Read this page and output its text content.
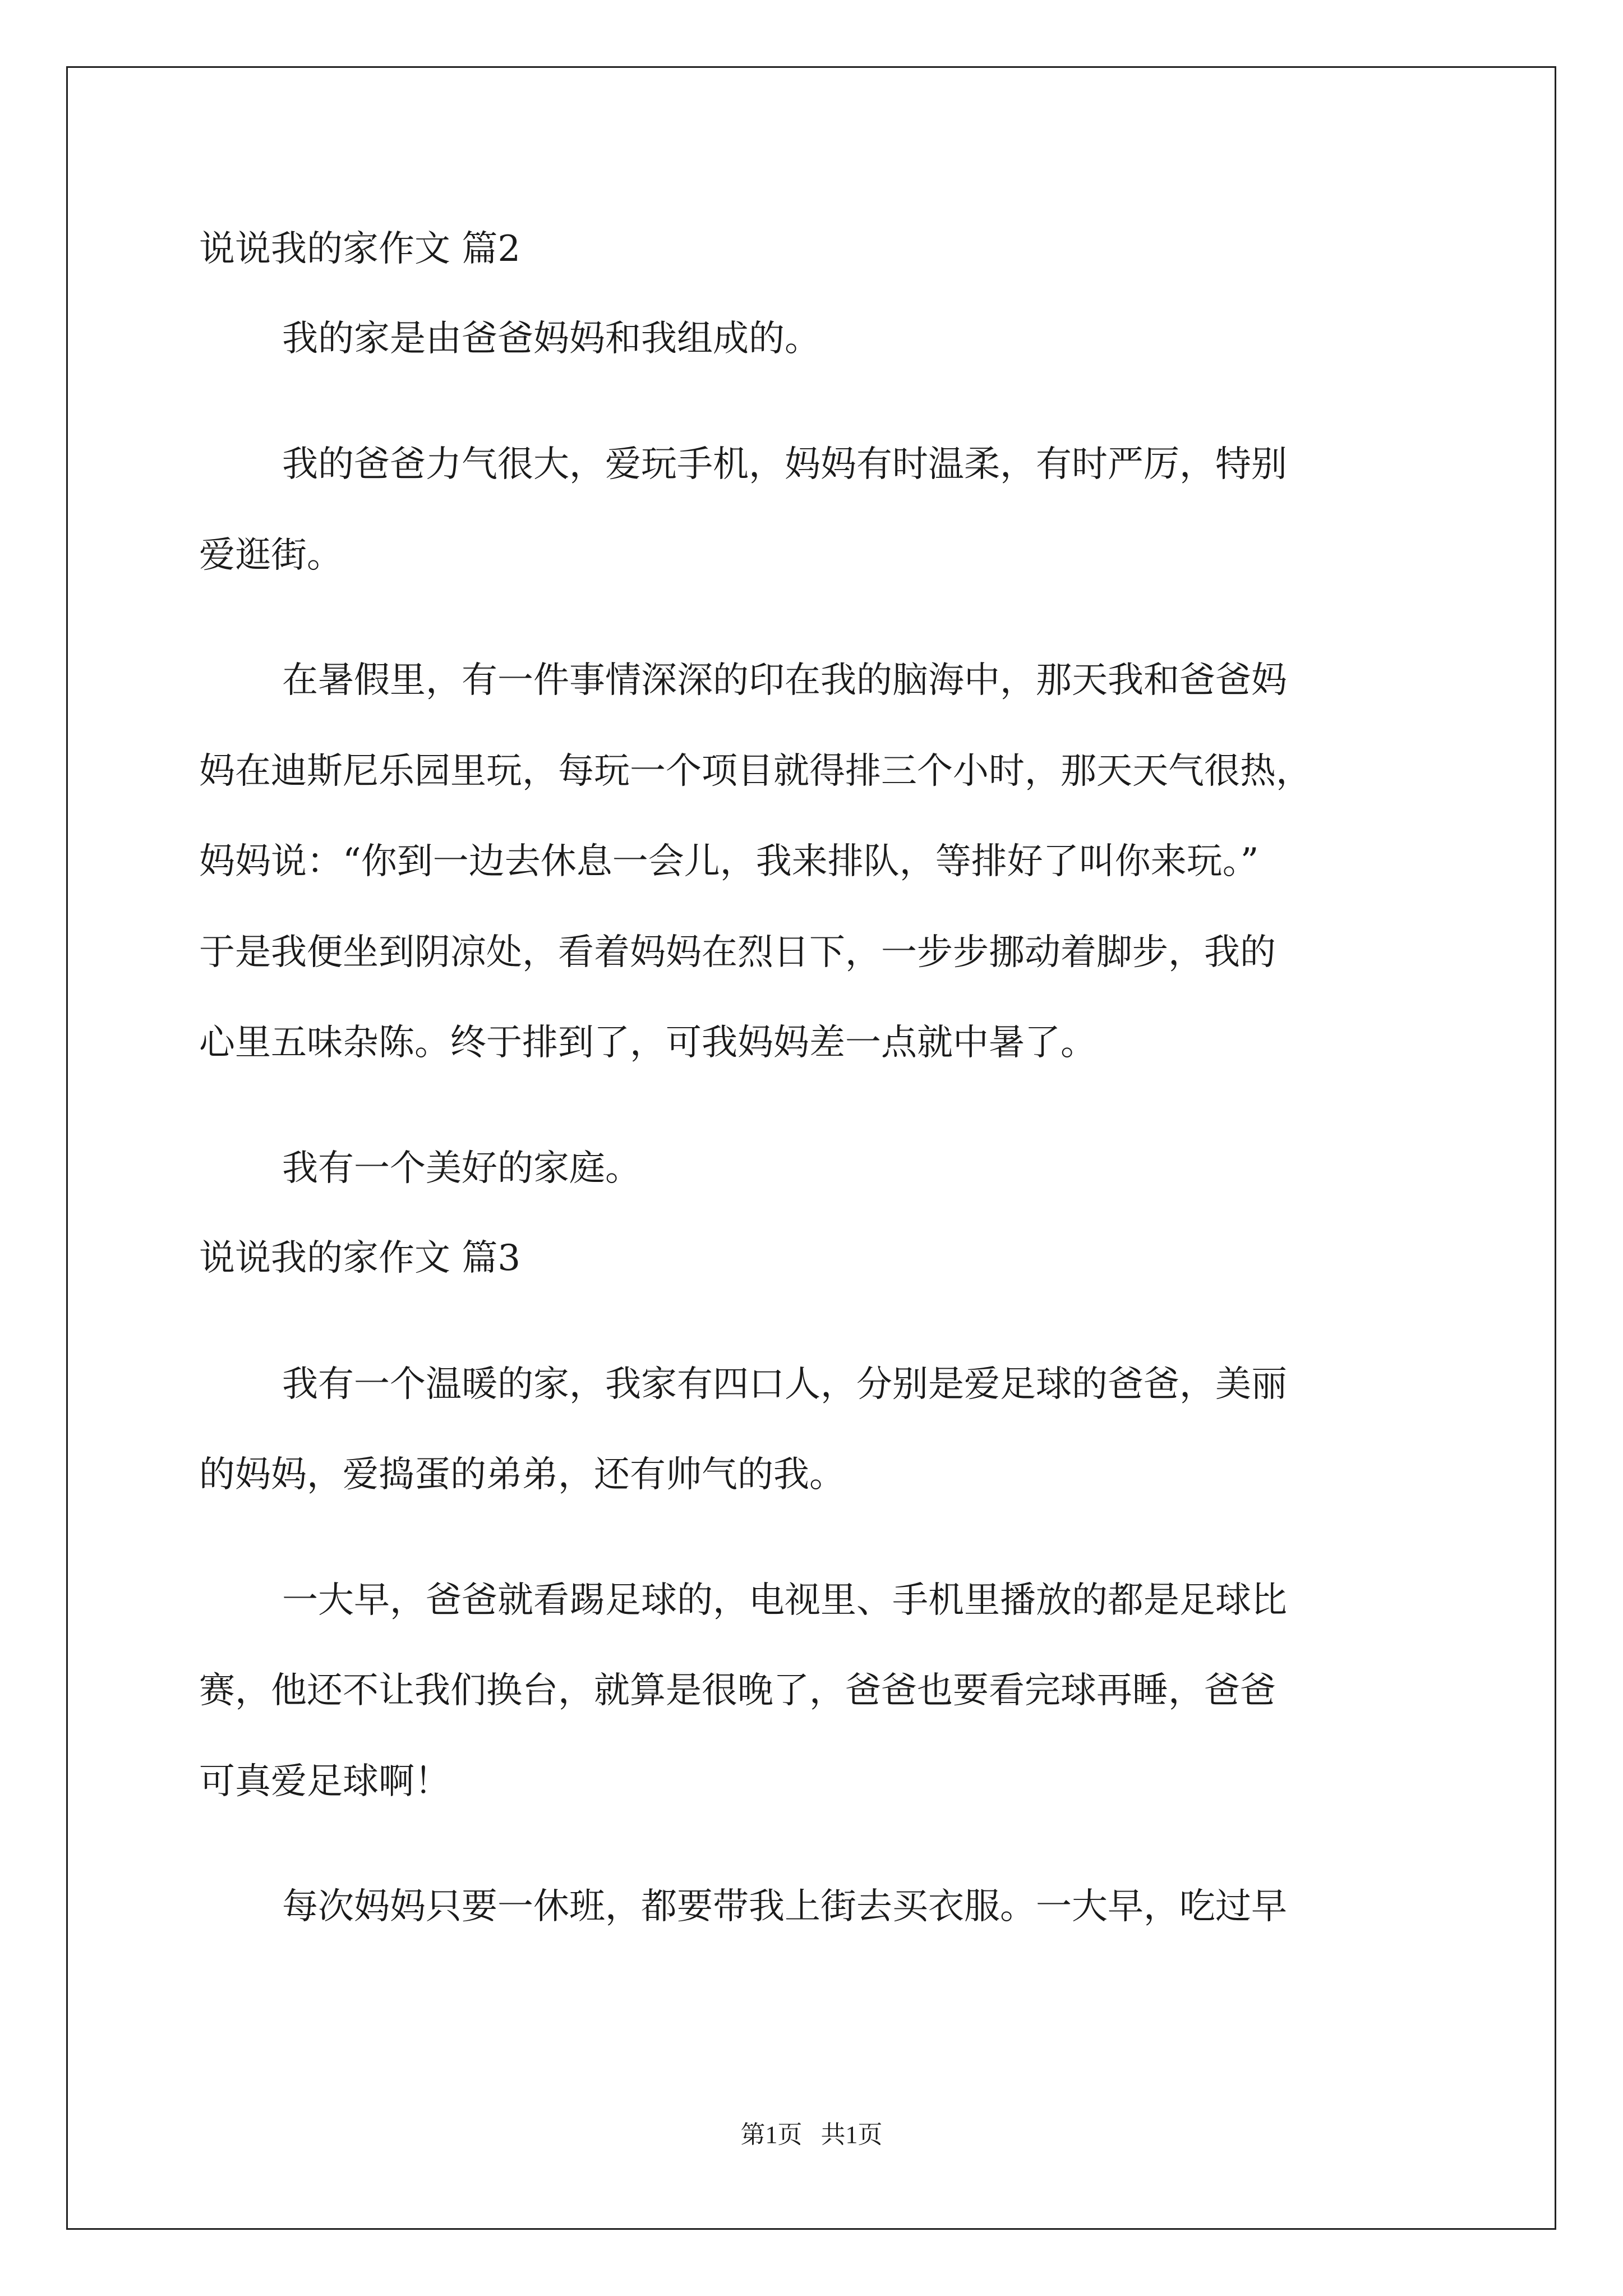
说说我的家作文 篇2

我的家是由爸爸妈妈和我组成的。

我的爸爸力气很大，爱玩手机，妈妈有时温柔，有时严厉，特别

爱逛街。

在暑假里，有一件事情深深的印在我的脑海中，那天我和爸爸妈

妈在迪斯尼乐园里玩，每玩一个项目就得排三个小时，那天天气很热，

妈妈说：“你到一边去休息一会儿，我来排队，等排好了叫你来玩。”

于是我便坐到阴凉处，看着妈妈在烈日下，一步步挪动着脚步，我的

心里五味杂陈。终于排到了，可我妈妈差一点就中暑了。

我有一个美好的家庭。

说说我的家作文 篇3

我有一个温暖的家，我家有四口人，分别是爱足球的爸爸，美丽

的妈妈，爱捣蛋的弟弟，还有帅气的我。

一大早，爸爸就看踢足球的，电视里、手机里播放的都是足球比

赛，他还不让我们换台，就算是很晚了，爸爸也要看完球再睡，爸爸

可真爱足球啊！

每次妈妈只要一休班，都要带我上街去买衣服。一大早，吃过早

第1页   共1页
